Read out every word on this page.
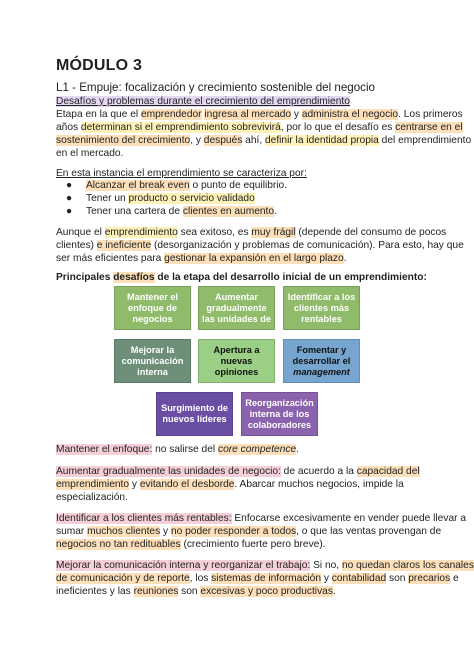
MÓDULO 3
L1 - Empuje: focalización y crecimiento sostenible del negocio
Desafíos y problemas durante el crecimiento del emprendimiento
Etapa en la que el emprendedor ingresa al mercado y administra el negocio. Los primeros
años determinan si el emprendimiento sobrevivirá, por lo que el desafío es centrarse en el
sostenimiento del crecimiento, y después ahí, definir la identidad propia del emprendimiento
en el mercado.
En esta instancia el emprendimiento se caracteriza por:
● Alcanzar el break even o punto de equilibrio.
● Tener un producto o servicio validado
● Tener una cartera de clientes en aumento.
Aunque el emprendimiento sea exitoso, es muy frágil (depende del consumo de pocos
clientes) e ineficiente (desorganización y problemas de comunicación). Para esto, hay que
ser más eficientes para gestionar la expansión en el largo plazo.
Principales desafíos de la etapa del desarrollo inicial de un emprendimiento:
Mantener el enfoque de negocios
Aumentar gradualmente las unidades de
Identificar a los clientes más rentables
Mejorar la comunicación interna
Apertura a nuevas opiniones
Fomentar y desarrollar el
management
Surgimiento de nuevos líderes
Reorganización interna de los colaboradores
Mantener el enfoque: no salirse del core competence.
Aumentar gradualmente las unidades de negocio: de acuerdo a la capacidad del
emprendimiento y evitando el desborde. Abarcar muchos negocios, impide la
especialización.
Identificar a los clientes más rentables: Enfocarse excesivamente en vender puede llevar a
sumar muchos clientes y no poder responder a todos, o que las ventas provengan de
negocios no tan redituables (crecimiento fuerte pero breve).
Mejorar la comunicación interna y reorganizar el trabajo: Si no, no quedan claros los canales
de comunicación y de reporte, los sistemas de información y contabilidad son precarios e
ineficientes y las reuniones son excesivas y poco productivas.
